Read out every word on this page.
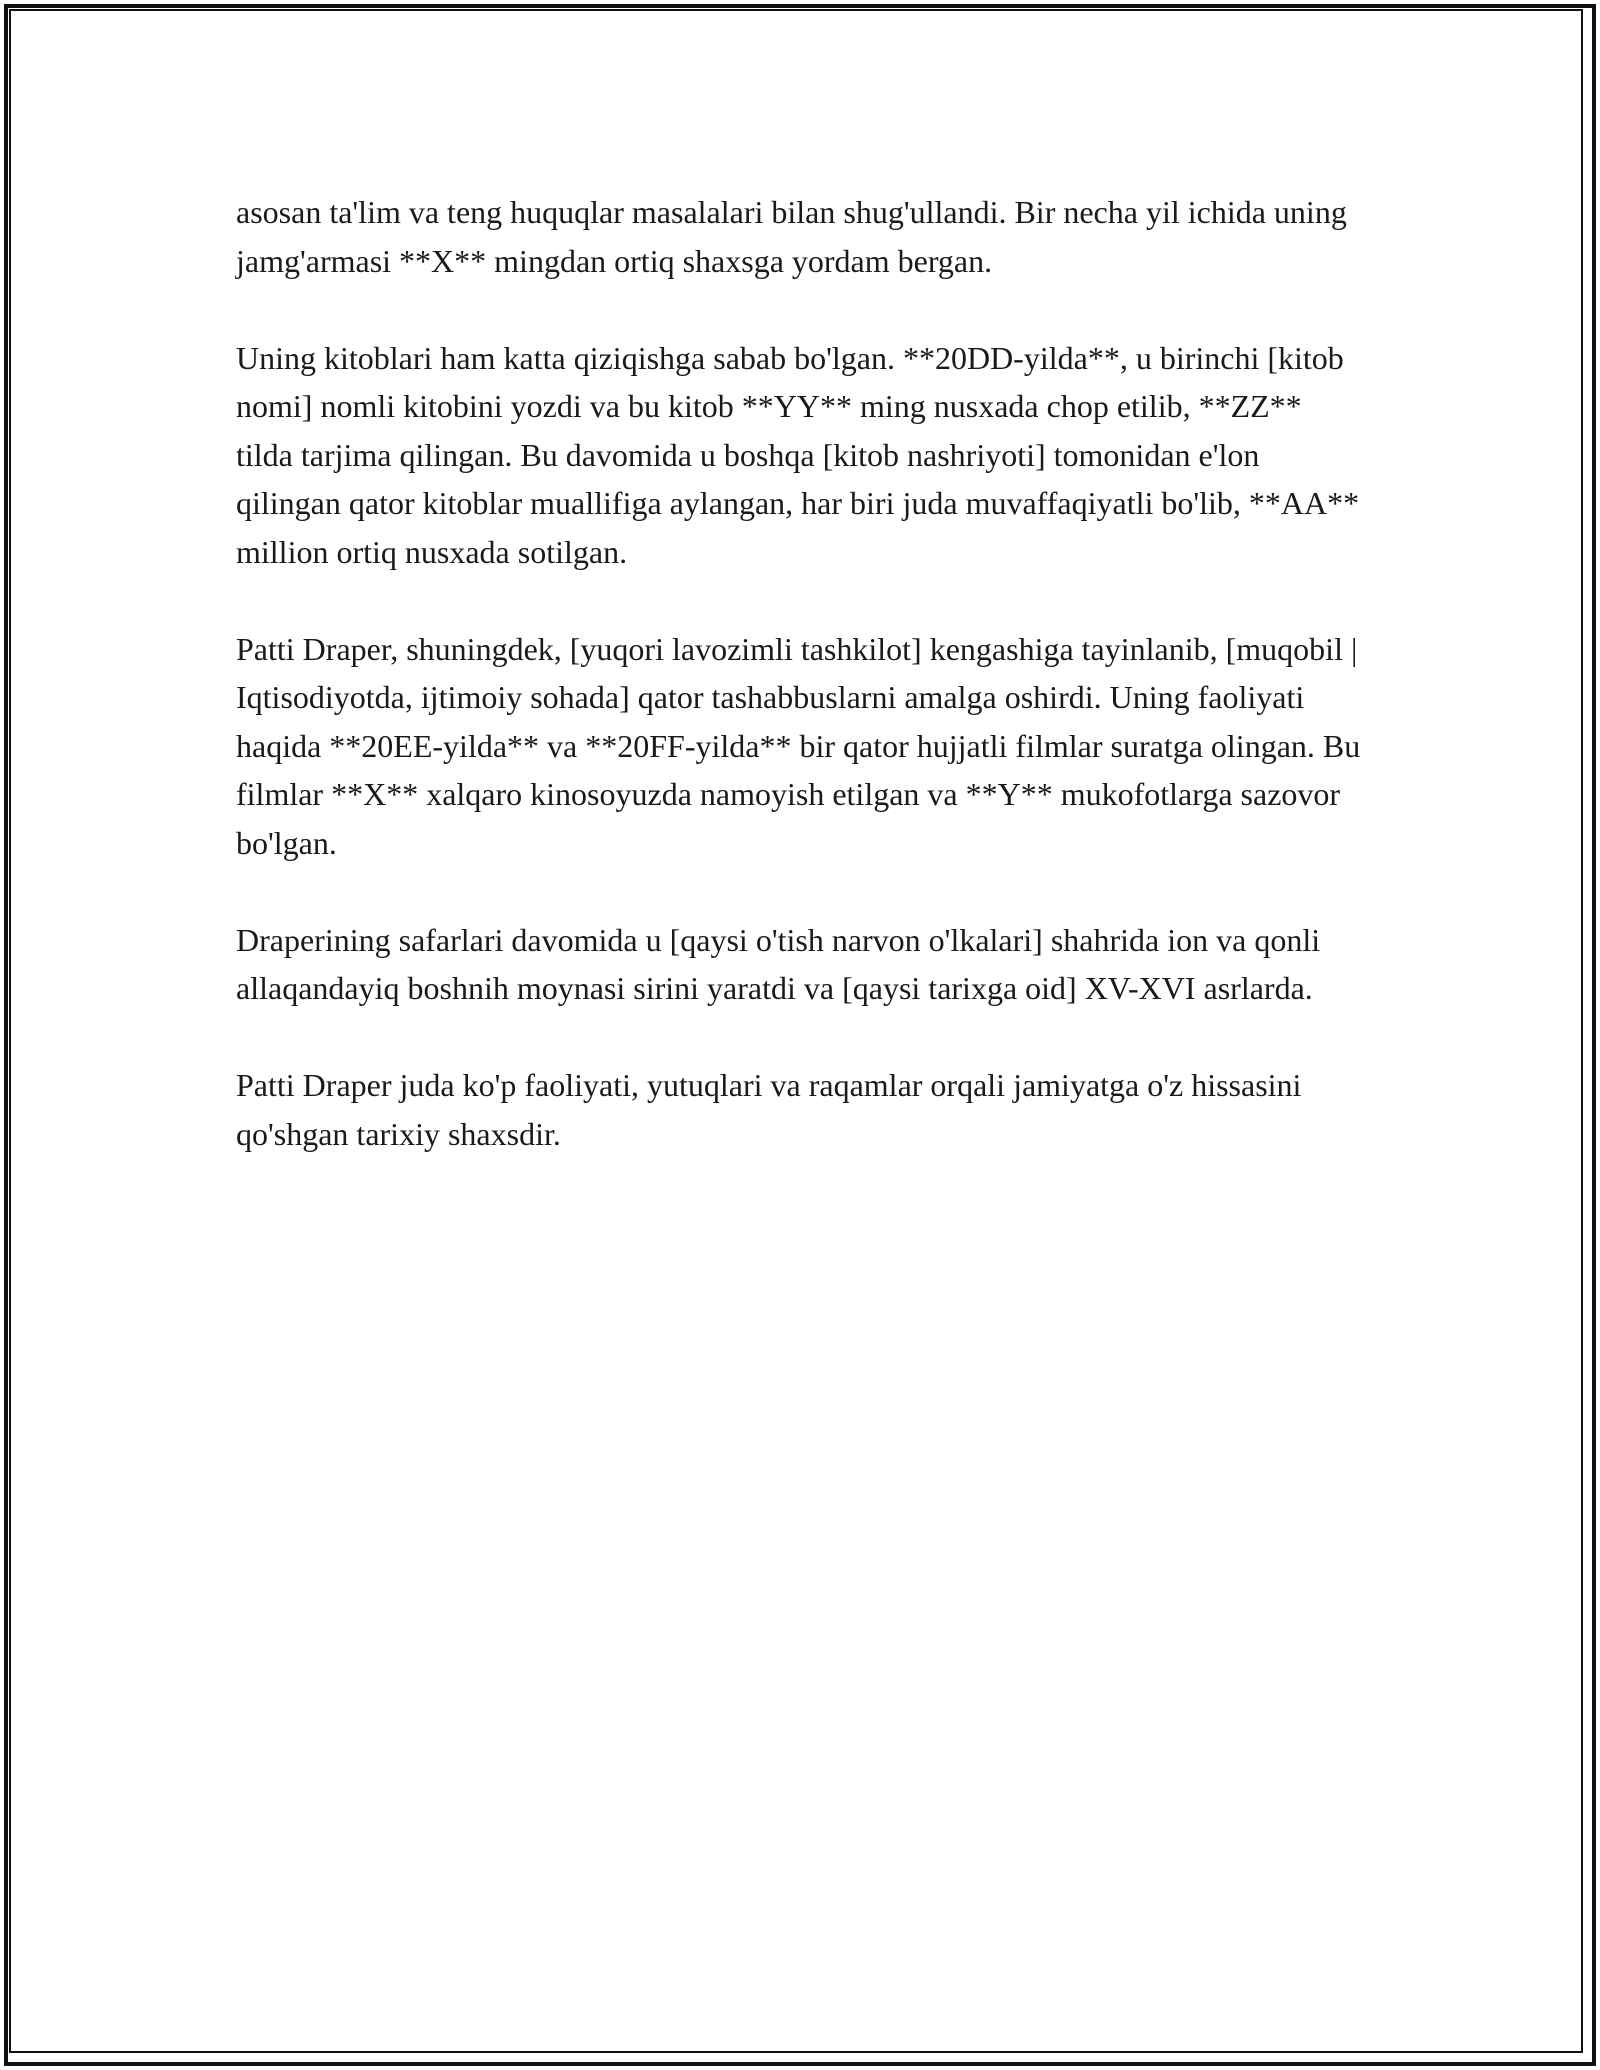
asosan ta'lim va teng huquqlar masalalari bilan shug'ullandi. Bir necha yil ichida uning jamg'armasi **X** mingdan ortiq shaxsga yordam bergan.

Uning kitoblari ham katta qiziqishga sabab bo'lgan. **20DD-yilda**, u birinchi [kitob nomi] nomli kitobini yozdi va bu kitob **YY** ming nusxada chop etilib, **ZZ** tilda tarjima qilingan. Bu davomida u boshqa [kitob nashriyoti] tomonidan e'lon qilingan qator kitoblar muallifiga aylangan, har biri juda muvaffaqiyatli bo'lib, **AA** million ortiq nusxada sotilgan.

Patti Draper, shuningdek, [yuqori lavozimli tashkilot] kengashiga tayinlanib, [muqobil | Iqtisodiyotda, ijtimoiy sohada] qator tashabbuslarni amalga oshirdi. Uning faoliyati haqida **20EE-yilda** va **20FF-yilda** bir qator hujjatli filmlar suratga olingan. Bu filmlar **X** xalqaro kinosoyuzda namoyish etilgan va **Y** mukofotlarga sazovor bo'lgan.

Draperining safarlari davomida u [qaysi o'tish narvon o'lkalari] shahrida ion va qonli allaqandayiq boshnih moynasi sirini yaratdi va [qaysi tarixga oid] XV-XVI asrlarda.

Patti Draper juda ko'p faoliyati, yutuqlari va raqamlar orqali jamiyatga o'z hissasini qo'shgan tarixiy shaxsdir.
